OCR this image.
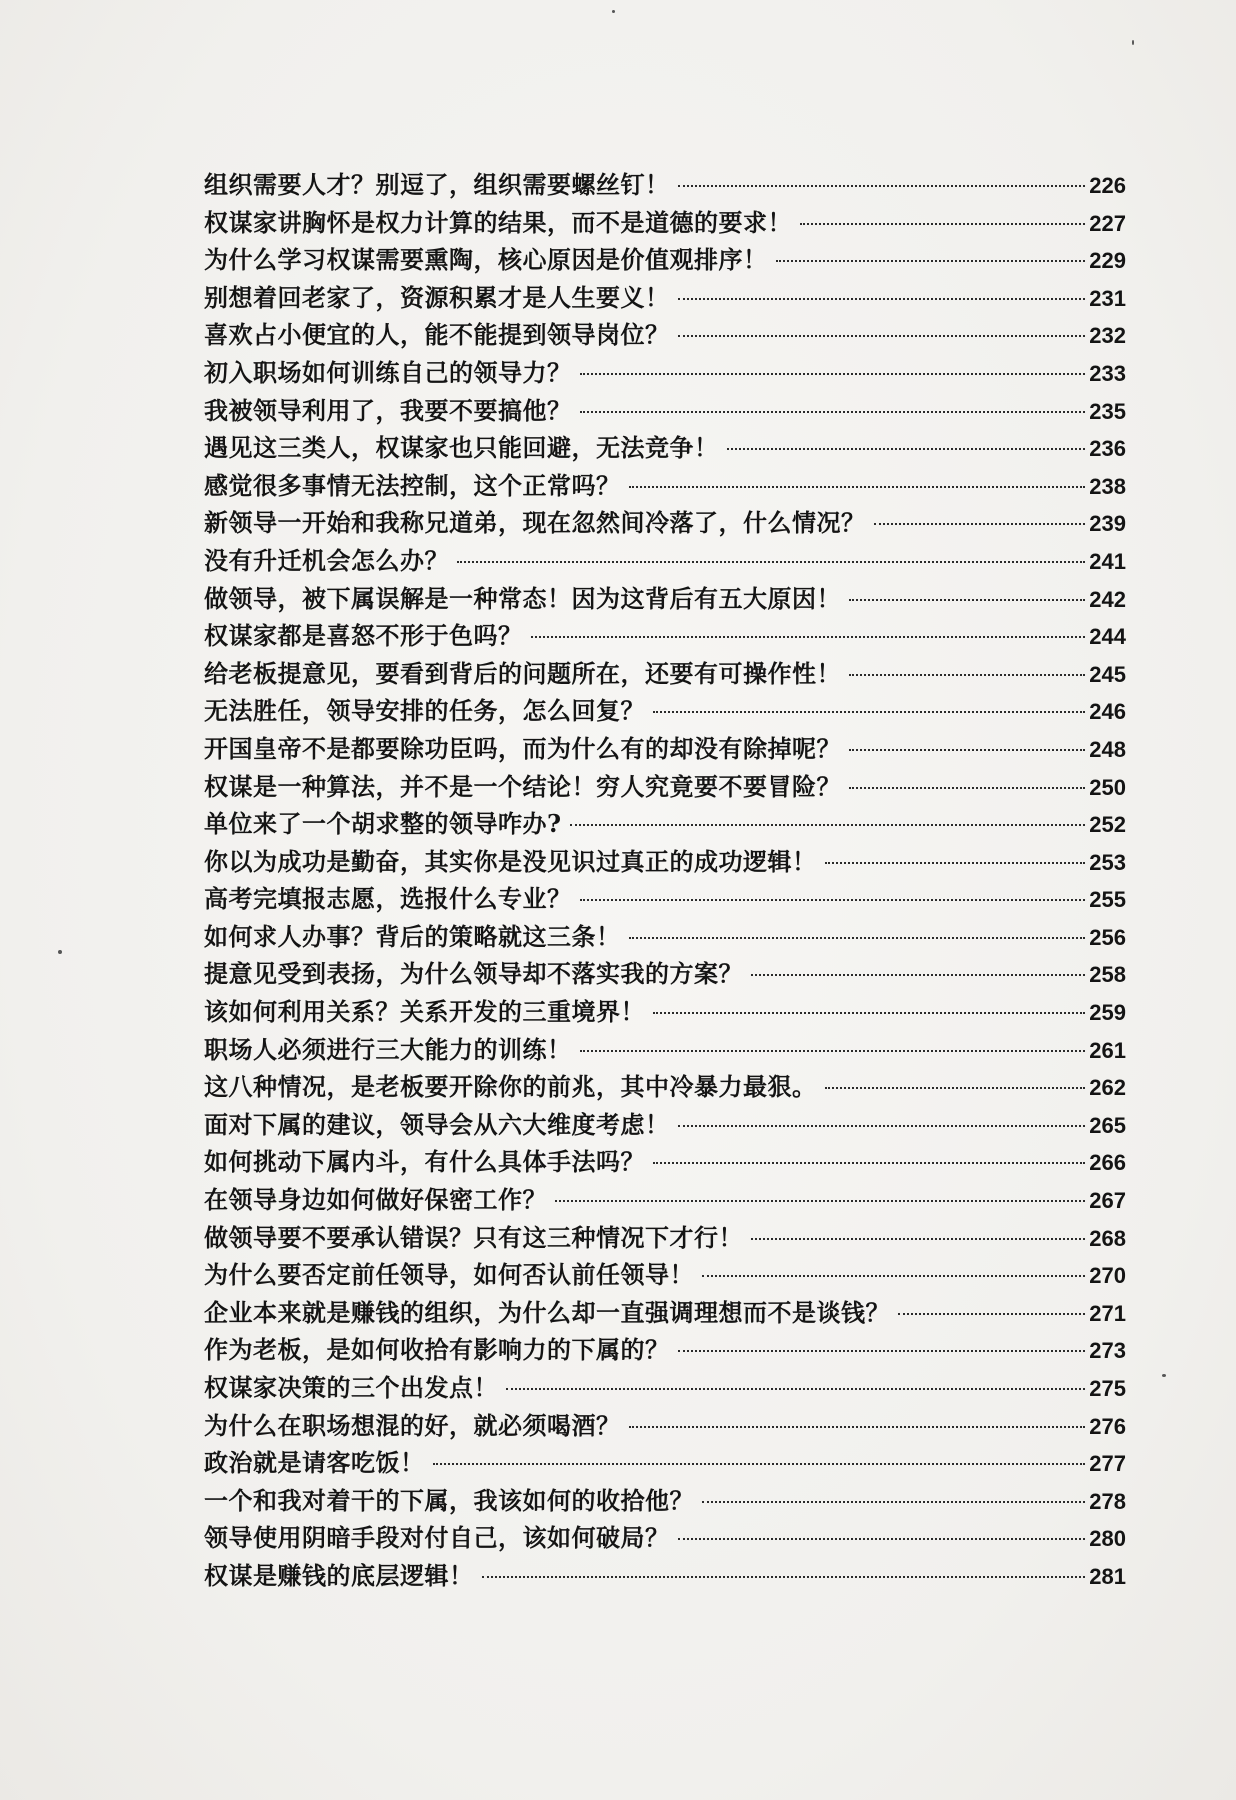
组织需要人才？别逗了，组织需要螺丝钉！	226
权谋家讲胸怀是权力计算的结果，而不是道德的要求！	227
为什么学习权谋需要熏陶，核心原因是价值观排序！	229
别想着回老家了，资源积累才是人生要义！	231
喜欢占小便宜的人，能不能提到领导岗位？	232
初入职场如何训练自己的领导力？	233
我被领导利用了，我要不要搞他？	235
遇见这三类人，权谋家也只能回避，无法竞争！	236
感觉很多事情无法控制，这个正常吗？	238
新领导一开始和我称兄道弟，现在忽然间冷落了，什么情况？	239
没有升迁机会怎么办？	241
做领导，被下属误解是一种常态！因为这背后有五大原因！	242
权谋家都是喜怒不形于色吗？	244
给老板提意见，要看到背后的问题所在，还要有可操作性！	245
无法胜任，领导安排的任务，怎么回复？	246
开国皇帝不是都要除功臣吗，而为什么有的却没有除掉呢？	248
权谋是一种算法，并不是一个结论！穷人究竟要不要冒险？	250
单位来了一个胡求整的领导咋办?	252
你以为成功是勤奋，其实你是没见识过真正的成功逻辑！	253
高考完填报志愿，选报什么专业？	255
如何求人办事？背后的策略就这三条！	256
提意见受到表扬，为什么领导却不落实我的方案？	258
该如何利用关系？关系开发的三重境界！	259
职场人必须进行三大能力的训练！	261
这八种情况，是老板要开除你的前兆，其中冷暴力最狠。	262
面对下属的建议，领导会从六大维度考虑！	265
如何挑动下属内斗，有什么具体手法吗？	266
在领导身边如何做好保密工作？	267
做领导要不要承认错误？只有这三种情况下才行！	268
为什么要否定前任领导，如何否认前任领导！	270
企业本来就是赚钱的组织，为什么却一直强调理想而不是谈钱？	271
作为老板，是如何收拾有影响力的下属的？	273
权谋家决策的三个出发点！	275
为什么在职场想混的好，就必须喝酒？	276
政治就是请客吃饭！	277
一个和我对着干的下属，我该如何的收拾他？	278
领导使用阴暗手段对付自己，该如何破局？	280
权谋是赚钱的底层逻辑！	281
